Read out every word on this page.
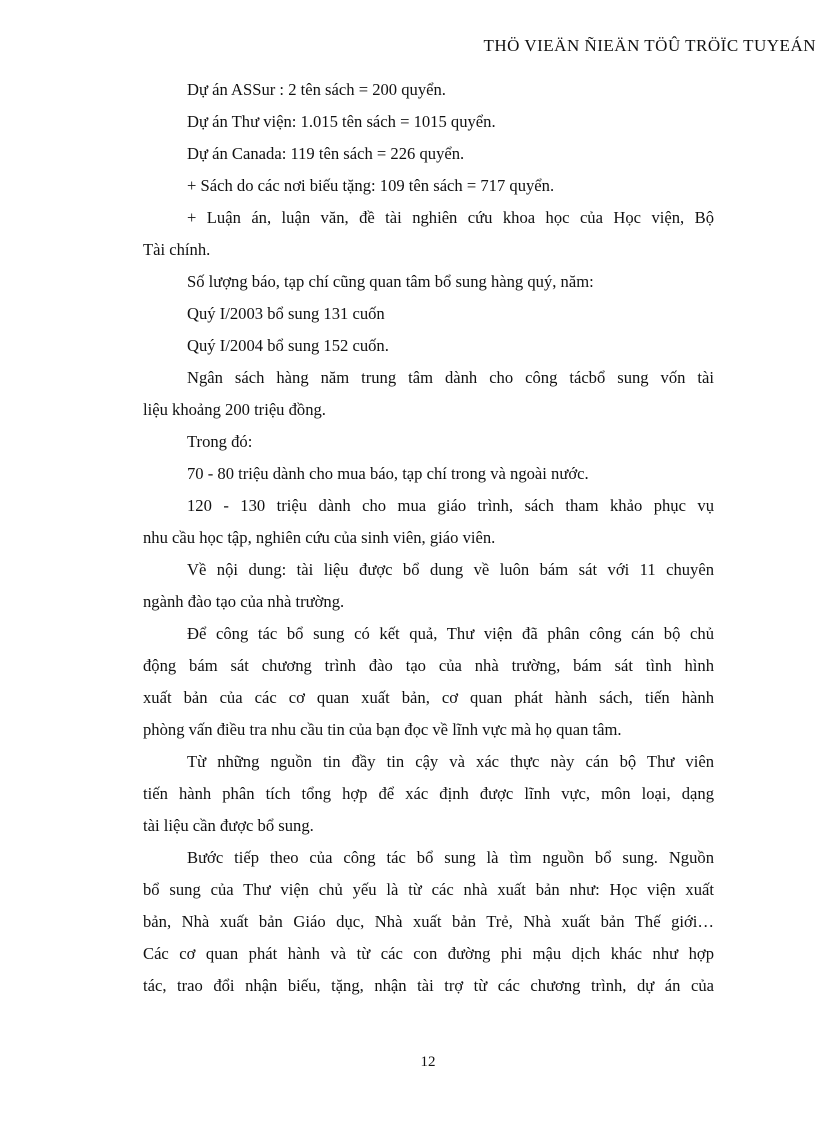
THÖ VIEÄN ÑIEÄN TÖÛ TRÖÏC TUYEÁN
Dự án ASSur : 2 tên sách = 200 quyển.
Dự án Thư viện: 1.015 tên sách = 1015 quyển.
Dự án Canada: 119 tên sách = 226 quyển.
+ Sách do các nơi biếu tặng: 109 tên sách = 717 quyển.
+ Luận án, luận văn, đề tài nghiên cứu khoa học của Học viện, Bộ
Tài chính.
Số lượng báo, tạp chí cũng quan tâm bổ sung hàng quý, năm:
Quý I/2003 bổ sung 131 cuốn
Quý I/2004 bổ sung 152 cuốn.
Ngân sách hàng năm trung tâm dành cho công tácbổ sung vốn tài
liệu khoảng 200 triệu đồng.
Trong đó:
70 - 80 triệu dành cho mua báo, tạp chí trong và ngoài nước.
120 - 130 triệu dành cho mua giáo trình, sách tham khảo phục vụ
nhu cầu học tập, nghiên cứu của sinh viên, giáo viên.
Về nội dung: tài liệu được bổ dung về luôn bám sát với 11 chuyên
ngành đào tạo của nhà trường.
Để công tác bổ sung có kết quả, Thư viện đã phân công cán bộ chủ
động bám sát chương trình đào tạo của nhà trường, bám sát tình hình
xuất bản của các cơ quan xuất bản, cơ quan phát hành sách, tiến hành
phòng vấn điều tra nhu cầu tin của bạn đọc về lĩnh vực mà họ quan tâm.
Từ những nguồn tin đầy tin cậy và xác thực này cán bộ Thư viên
tiến hành phân tích tổng hợp để xác định được lĩnh vực, môn loại, dạng
tài liệu cần được bổ sung.
Bước tiếp theo của công tác bổ sung là tìm nguồn bổ sung. Nguồn
bổ sung của Thư viện chủ yếu là từ các nhà xuất bản như: Học viện xuất
bản, Nhà xuất bản Giáo dục, Nhà xuất bản Trẻ, Nhà xuất bản Thế giới…
Các cơ quan phát hành và từ các con đường phi mậu dịch khác như hợp
tác, trao đổi nhận biếu, tặng, nhận tài trợ từ các chương trình, dự án của
12
